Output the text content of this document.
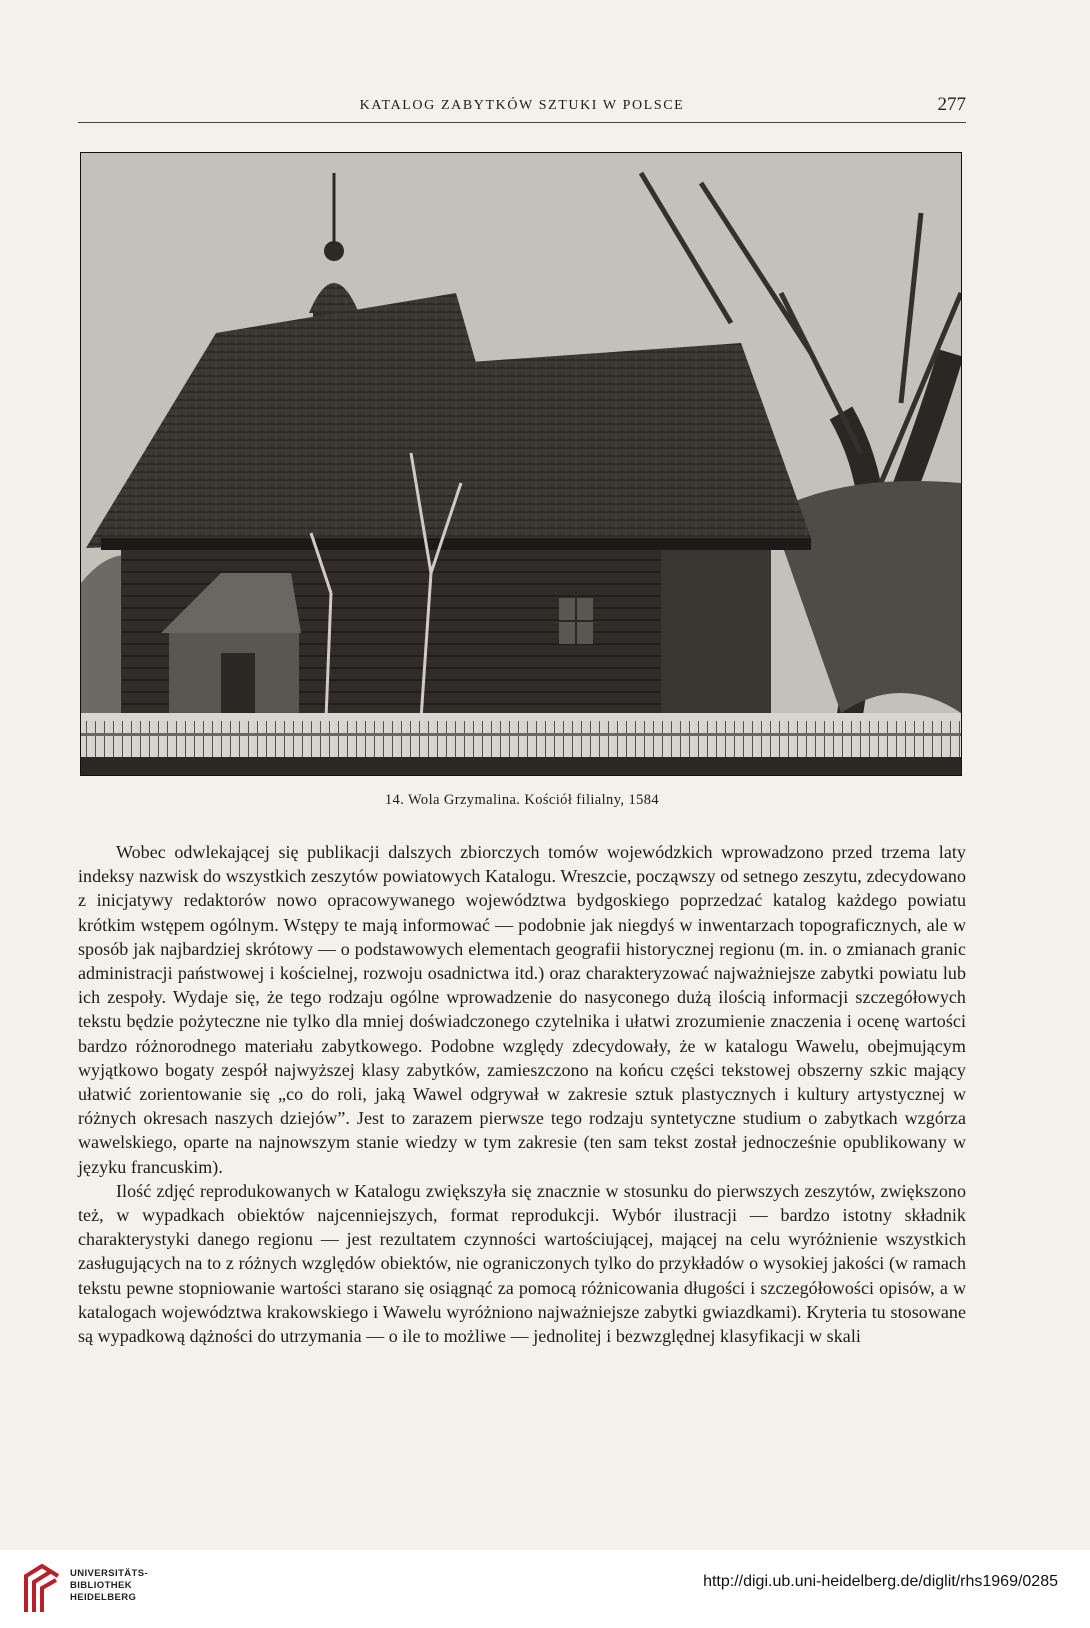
KATALOG ZABYTKÓW SZTUKI W POLSCE	277
14. Wola Grzymalina. Kościół filialny, 1584

Wobec odwlekającej się publikacji dalszych zbiorczych tomów wojewódzkich wprowadzono przed trzema laty indeksy nazwisk do wszystkich zeszytów powiatowych Katalogu. Wreszcie, począwszy od setnego zeszytu, zdecydowano z inicjatywy redaktorów nowo opracowywanego województwa bydgoskiego poprzedzać katalog każdego powiatu krótkim wstępem ogólnym. Wstępy te mają informować — podobnie jak niegdyś w inwentarzach topograficznych, ale w sposób jak najbardziej skrótowy — o podstawowych elementach geografii historycznej regionu (m. in. o zmianach granic administracji państwowej i kościelnej, rozwoju osadnictwa itd.) oraz charakteryzować najważniejsze zabytki powiatu lub ich zespoły. Wydaje się, że tego rodzaju ogólne wprowadzenie do nasyconego dużą ilością informacji szczegółowych tekstu będzie pożyteczne nie tylko dla mniej doświadczonego czytelnika i ułatwi zrozumienie znaczenia i ocenę wartości bardzo różnorodnego materiału zabytkowego. Podobne względy zdecydowały, że w katalogu Wawelu, obejmującym wyjątkowo bogaty zespół najwyższej klasy zabytków, zamieszczono na końcu części tekstowej obszerny szkic mający ułatwić zorientowanie się „co do roli, jaką Wawel odgrywał w zakresie sztuk plastycznych i kultury artystycznej w różnych okresach naszych dziejów”. Jest to zarazem pierwsze tego rodzaju syntetyczne studium o zabytkach wzgórza wawelskiego, oparte na najnowszym stanie wiedzy w tym zakresie (ten sam tekst został jednocześnie opublikowany w języku francuskim).

Ilość zdjęć reprodukowanych w Katalogu zwiększyła się znacznie w stosunku do pierwszych zeszytów, zwiększono też, w wypadkach obiektów najcenniejszych, format reprodukcji. Wybór ilustracji — bardzo istotny składnik charakterystyki danego regionu — jest rezultatem czynności wartościującej, mającej na celu wyróżnienie wszystkich zasługujących na to z różnych względów obiektów, nie ograniczonych tylko do przykładów o wysokiej jakości (w ramach tekstu pewne stopniowanie wartości starano się osiągnąć za pomocą różnicowania długości i szczegółowości opisów, a w katalogach województwa krakowskiego i Wawelu wyróżniono najważniejsze zabytki gwiazdkami). Kryteria tu stosowane są wypadkową dążności do utrzymania — o ile to możliwe — jednolitej i bezwzględnej klasyfikacji w skali

UNIVERSITÄTS-
BIBLIOTHEK
HEIDELBERG
http://digi.ub.uni-heidelberg.de/diglit/rhs1969/0285
